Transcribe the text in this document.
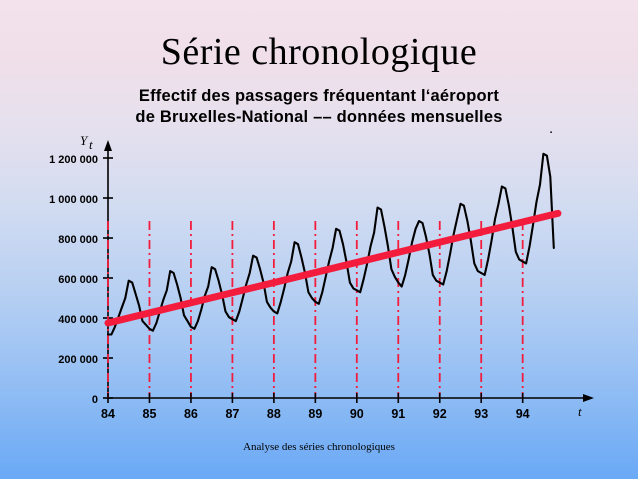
Série chronologique
Effectif des passagers fréquentant l‘aéroport
de Bruxelles-National –– données mensuelles
.
Y t
t
0
200 000
400 000
600 000
800 000
1 000 000
1 200 000
84 85 86 87 88 89 90 91 92 93 94
Analyse des séries chronologiques
